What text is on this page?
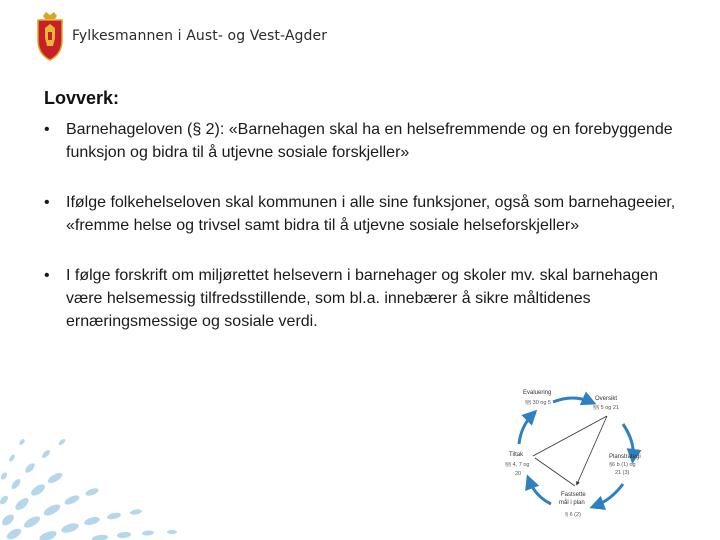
Fylkesmannen i Aust- og Vest-Agder
Lovverk:
•	Barnehageloven (§ 2): «Barnehagen skal ha en helsefremmende og en forebyggende funksjon og bidra til å utjevne sosiale forskjeller»
•	Ifølge folkehelseloven skal kommunen i alle sine funksjoner, også som barnehageeier, «fremme helse og trivsel samt bidra til å utjevne sosiale helseforskjeller»
•	I følge forskrift om miljørettet helsevern i barnehager og skoler mv. skal barnehagen være helsemessig tilfredsstillende, som bl.a. innebærer å sikre måltidenes ernæringsmessige og sosiale verdi.
Evaluering
§§ 30 og 5
Oversikt
§§ 5 og 21
Tiltak
§§ 4, 7 og
20
Planstrategi
§6 b (1) og
21 (3)
Fastsette
mål i plan
§ 6 (2)
